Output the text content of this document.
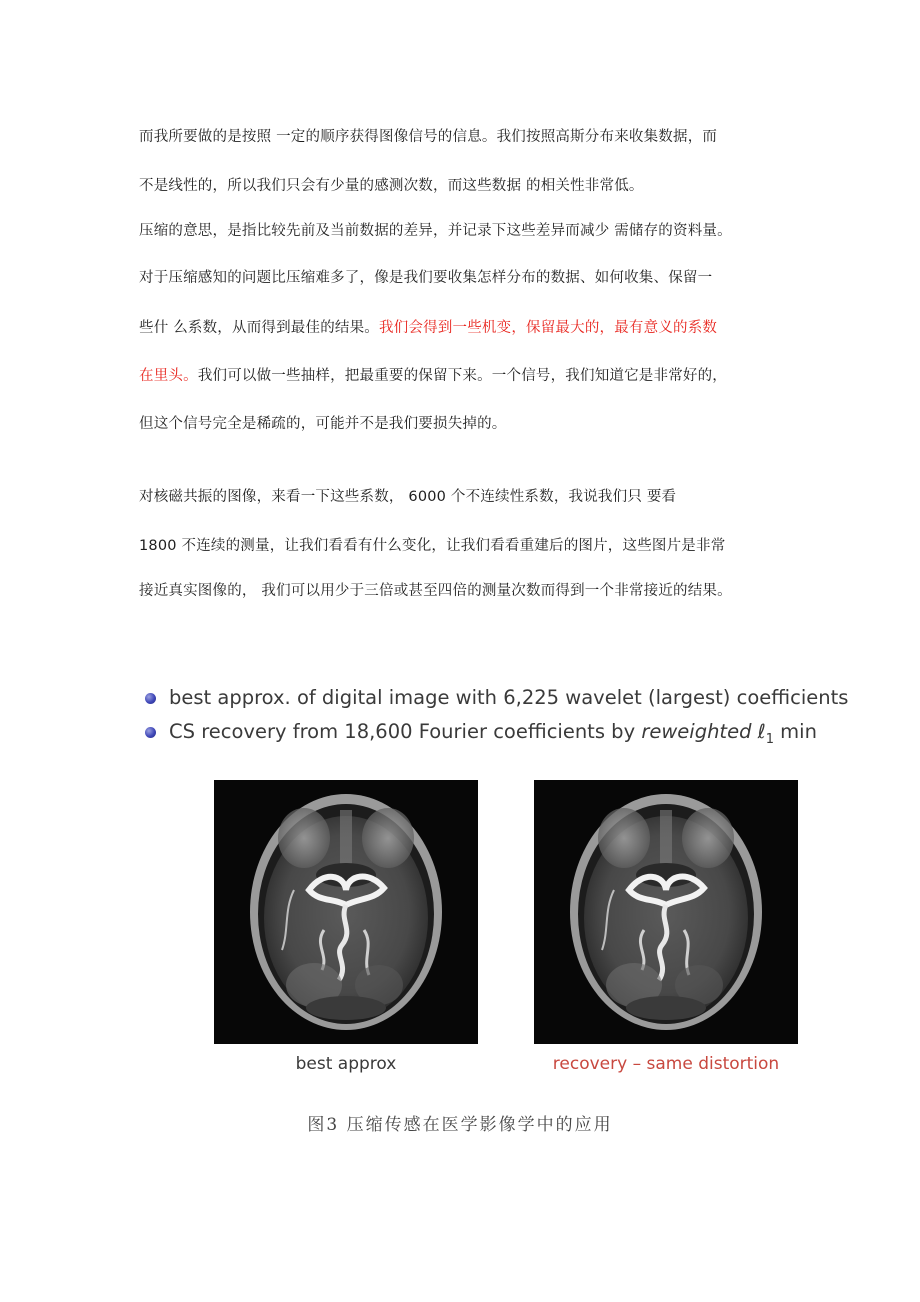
而我所要做的是按照 一定的顺序获得图像信号的信息。我们按照高斯分布来收集数据，而
不是线性的，所以我们只会有少量的感测次数，而这些数据 的相关性非常低。
压缩的意思，是指比较先前及当前数据的差异，并记录下这些差异而减少 需储存的资料量。
对于压缩感知的问题比压缩难多了，像是我们要收集怎样分布的数据、如何收集、保留一
些什 么系数，从而得到最佳的结果。我们会得到一些机变，保留最大的，最有意义的系数
在里头。我们可以做一些抽样，把最重要的保留下来。一个信号，我们知道它是非常好的，
但这个信号完全是稀疏的，可能并不是我们要损失掉的。
对核磁共振的图像，来看一下这些系数， 6000 个不连续性系数，我说我们只 要看
1800 不连续的测量，让我们看看有什么变化，让我们看看重建后的图片，这些图片是非常
接近真实图像的， 我们可以用少于三倍或甚至四倍的测量次数而得到一个非常接近的结果。
best approx. of digital image with 6,225 wavelet (largest) coefficients
CS recovery from 18,600 Fourier coefficients by reweighted ℓ$_1$ min
best approx	recovery – same distortion
图3 压缩传感在医学影像学中的应用
